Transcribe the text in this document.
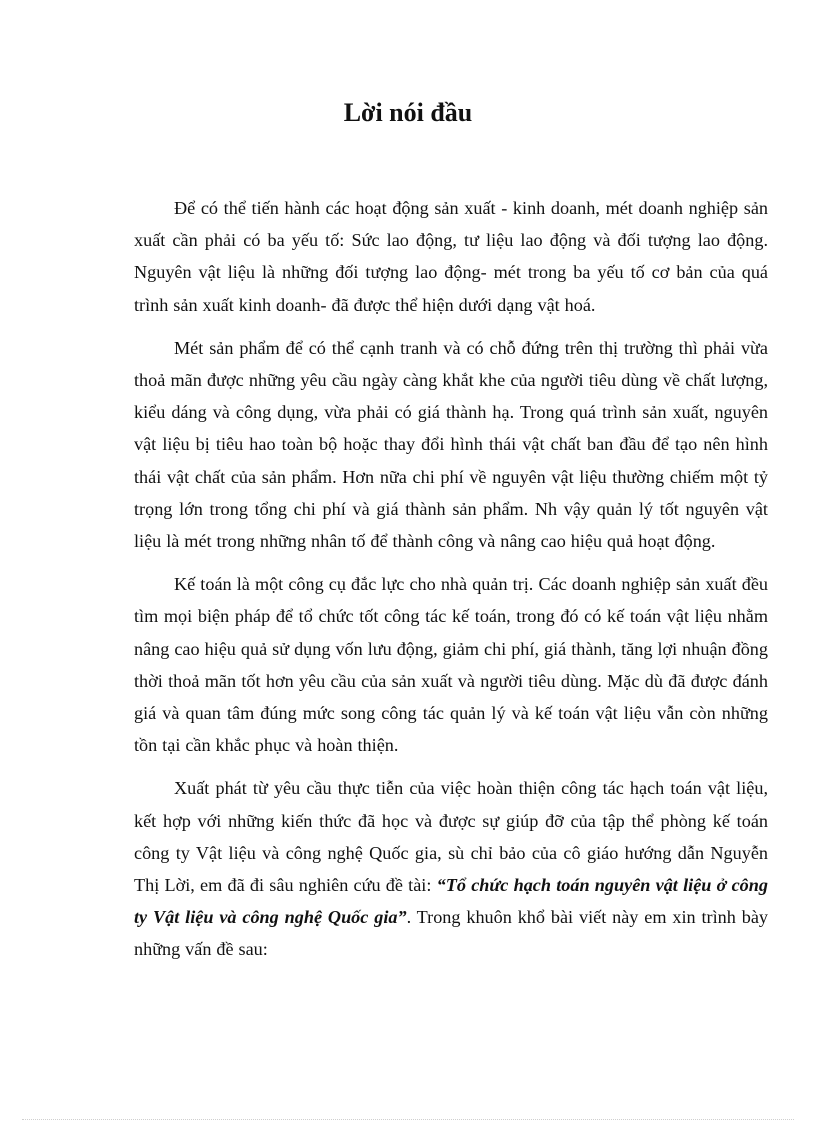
Lời nói đầu

Để có thể tiến hành các hoạt động sản xuất - kinh doanh, mét doanh nghiệp sản xuất cần phải có ba yếu tố: Sức lao động, tư liệu lao động và đối tượng lao động. Nguyên vật liệu là những đối tượng lao động- mét trong ba yếu tố cơ bản của quá trình sản xuất kinh doanh- đã được thể hiện dưới dạng vật hoá.

Mét sản phẩm để có thể cạnh tranh và có chỗ đứng trên thị trường thì phải vừa thoả mãn được những yêu cầu ngày càng khắt khe của người tiêu dùng về chất lượng, kiểu dáng và công dụng, vừa phải có giá thành hạ. Trong quá trình sản xuất, nguyên vật liệu bị tiêu hao toàn bộ hoặc thay đổi hình thái vật chất ban đầu để tạo nên hình thái vật chất của sản phẩm. Hơn nữa chi phí về nguyên vật liệu thường chiếm một tỷ trọng lớn trong tổng chi phí và giá thành sản phẩm. Nh vậy quản lý tốt nguyên vật liệu là mét trong những nhân tố để thành công và nâng cao hiệu quả hoạt động.

Kế toán là một công cụ đắc lực cho nhà quản trị. Các doanh nghiệp sản xuất đều tìm mọi biện pháp để tổ chức tốt công tác kế toán, trong đó có kế toán vật liệu nhằm nâng cao hiệu quả sử dụng vốn lưu động, giảm chi phí, giá thành, tăng lợi nhuận đồng thời thoả mãn tốt hơn yêu cầu của sản xuất và người tiêu dùng. Mặc dù đã được đánh giá và quan tâm đúng mức song công tác quản lý và kế toán vật liệu vẫn còn những tồn tại cần khắc phục và hoàn thiện.

Xuất phát từ yêu cầu thực tiễn của việc hoàn thiện công tác hạch toán vật liệu, kết hợp với những kiến thức đã học và được sự giúp đỡ của tập thể phòng kế toán công ty Vật liệu và công nghệ Quốc gia, sù chỉ bảo của cô giáo hướng dẫn Nguyễn Thị Lời, em đã đi sâu nghiên cứu đề tài: “Tổ chức hạch toán nguyên vật liệu ở công ty Vật liệu và công nghệ Quốc gia”. Trong khuôn khổ bài viết này em xin trình bày những vấn đề sau:
